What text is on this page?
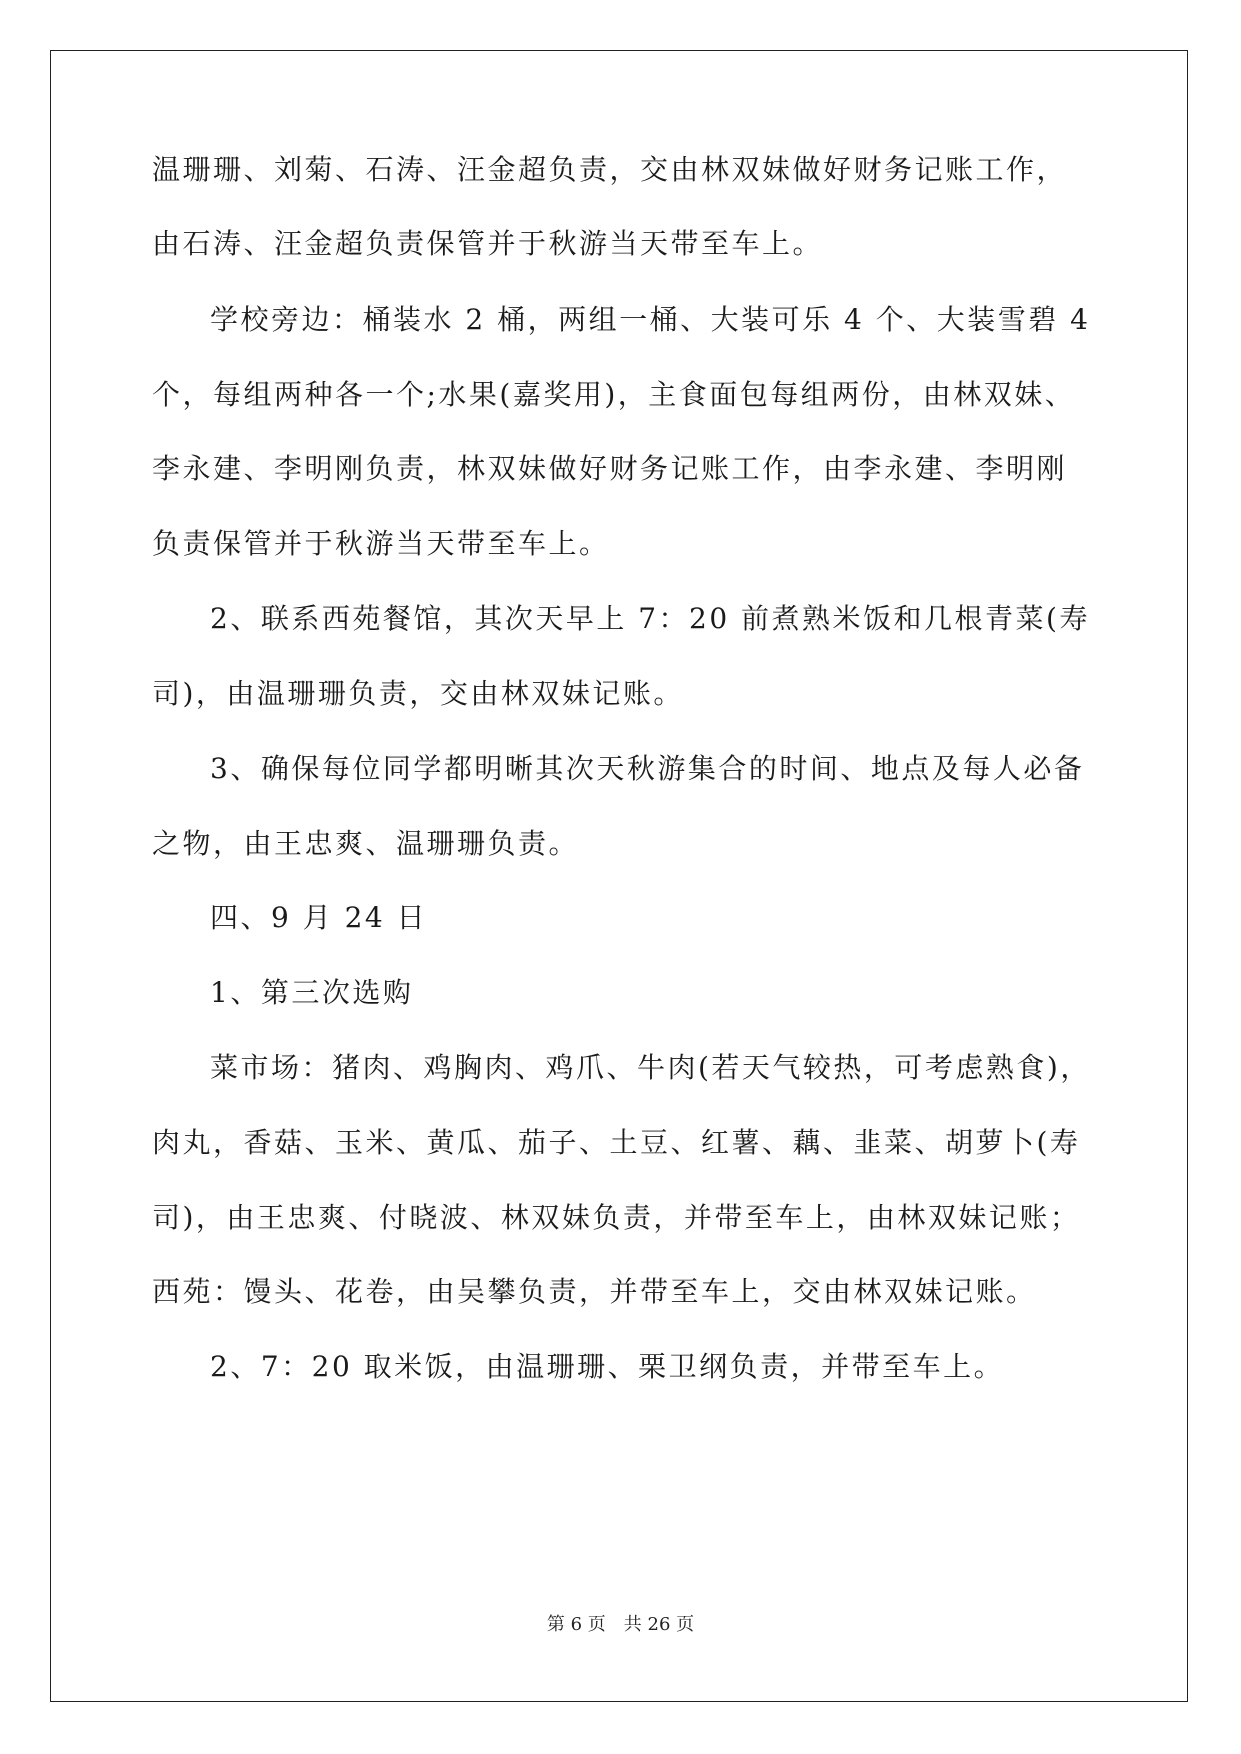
温珊珊、刘菊、石涛、汪金超负责，交由林双妹做好财务记账工作，
由石涛、汪金超负责保管并于秋游当天带至车上。
学校旁边：桶装水 2 桶，两组一桶、大装可乐 4 个、大装雪碧 4
个，每组两种各一个;水果(嘉奖用)，主食面包每组两份，由林双妹、
李永建、李明刚负责，林双妹做好财务记账工作，由李永建、李明刚
负责保管并于秋游当天带至车上。
2、联系西苑餐馆，其次天早上 7：20 前煮熟米饭和几根青菜(寿
司)，由温珊珊负责，交由林双妹记账。
3、确保每位同学都明晰其次天秋游集合的时间、地点及每人必备
之物，由王忠爽、温珊珊负责。
四、9 月 24 日
1、第三次选购
菜市场：猪肉、鸡胸肉、鸡爪、牛肉(若天气较热，可考虑熟食)，
肉丸，香菇、玉米、黄瓜、茄子、土豆、红薯、藕、韭菜、胡萝卜(寿
司)，由王忠爽、付晓波、林双妹负责，并带至车上，由林双妹记账；
西苑：馒头、花卷，由吴攀负责，并带至车上，交由林双妹记账。
2、7：20 取米饭，由温珊珊、栗卫纲负责，并带至车上。
第 6 页　共 26 页
